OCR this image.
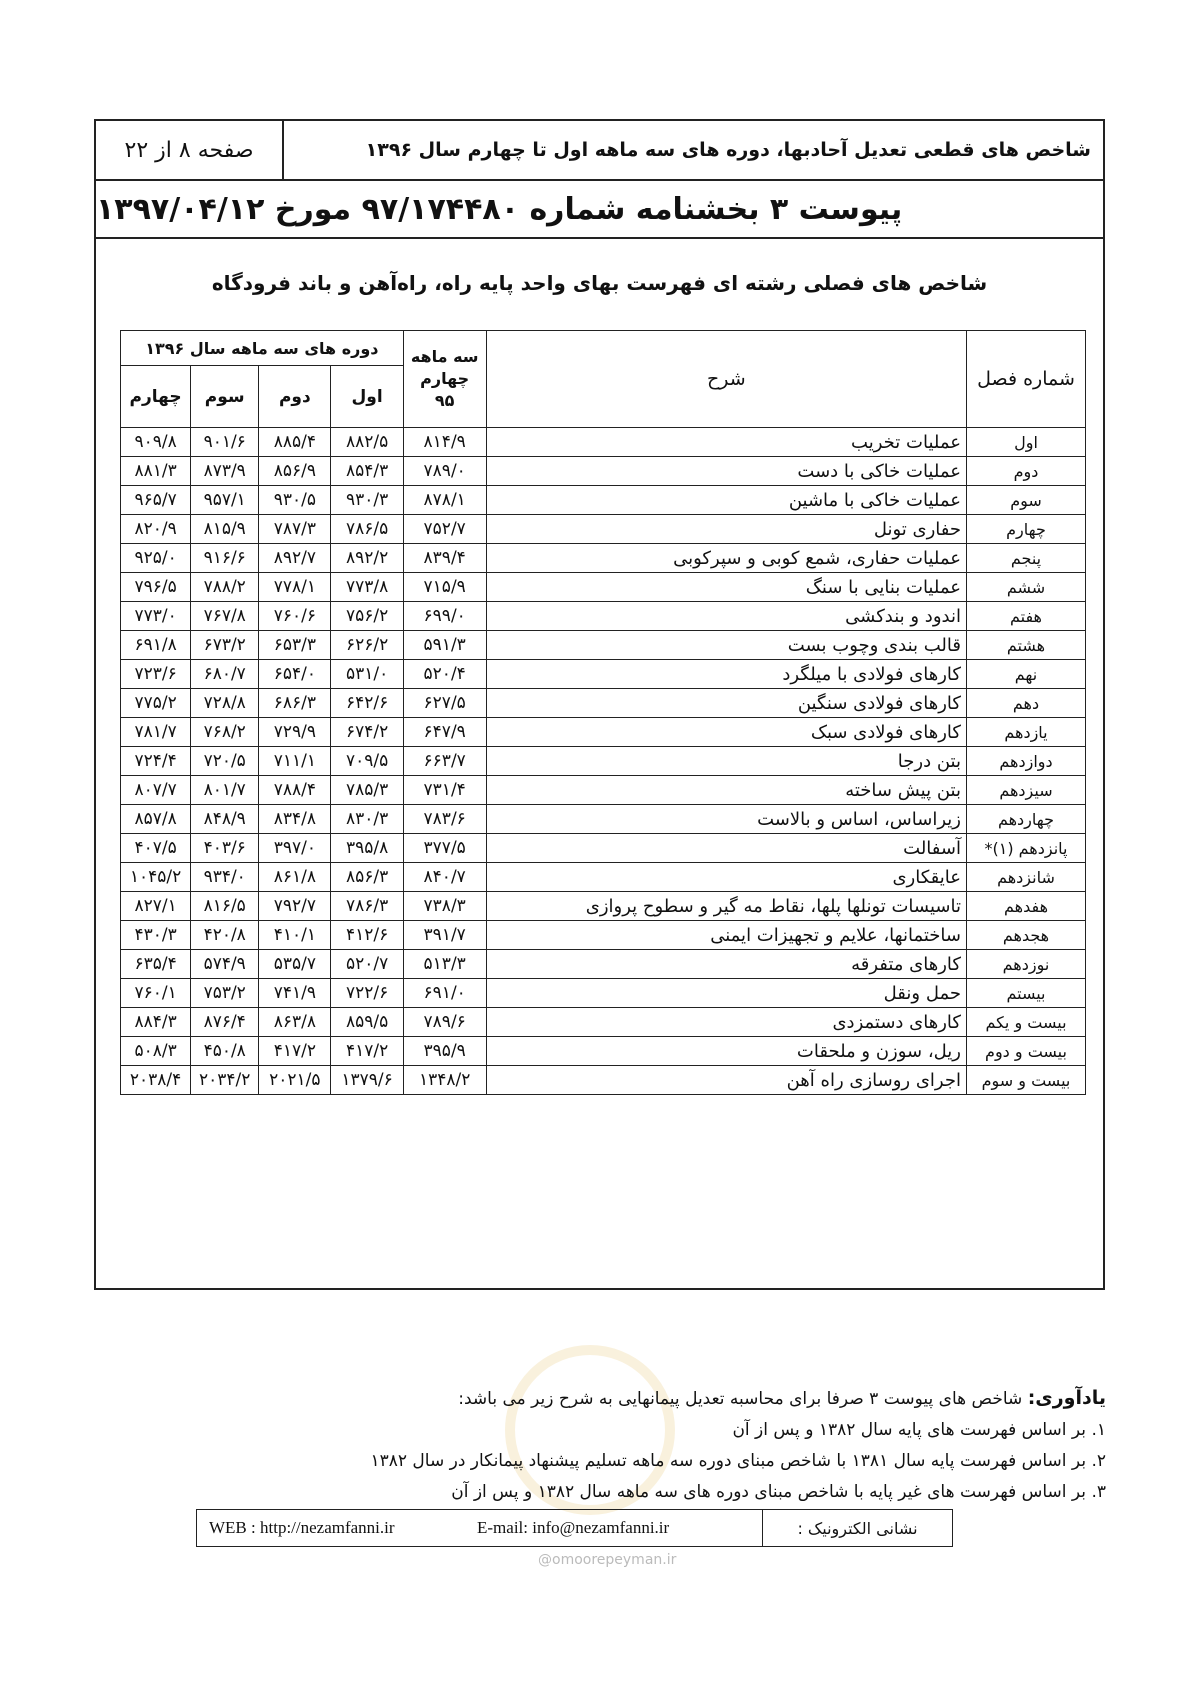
صفحه ۸ از ۲۲	شاخص های قطعی تعدیل آحادبها، دوره های سه ماهه اول تا چهارم سال ۱۳۹۶
پیوست ۳ بخشنامه شماره ۹۷/۱۷۴۴۸۰ مورخ ۱۳۹۷/۰۴/۱۲
شاخص های فصلی رشته ای فهرست بهای واحد پایه راه، راه‌آهن و باند فرودگاه
شماره فصل	شرح	سه ماهه چهارم ۹۵	دوره های سه ماهه سال ۱۳۹۶			
			اول	دوم	سوم	چهارم
اول	عملیات تخریب	۸۱۴/۹	۸۸۲/۵	۸۸۵/۴	۹۰۱/۶	۹۰۹/۸
دوم	عملیات خاکی با دست	۷۸۹/۰	۸۵۴/۳	۸۵۶/۹	۸۷۳/۹	۸۸۱/۳
سوم	عملیات خاکی با ماشین	۸۷۸/۱	۹۳۰/۳	۹۳۰/۵	۹۵۷/۱	۹۶۵/۷
چهارم	حفاری تونل	۷۵۲/۷	۷۸۶/۵	۷۸۷/۳	۸۱۵/۹	۸۲۰/۹
پنجم	عملیات حفاری، شمع کوبی و سپرکوبی	۸۳۹/۴	۸۹۲/۲	۸۹۲/۷	۹۱۶/۶	۹۲۵/۰
ششم	عملیات بنایی با سنگ	۷۱۵/۹	۷۷۳/۸	۷۷۸/۱	۷۸۸/۲	۷۹۶/۵
هفتم	اندود و بندکشی	۶۹۹/۰	۷۵۶/۲	۷۶۰/۶	۷۶۷/۸	۷۷۳/۰
هشتم	قالب بندی وچوب بست	۵۹۱/۳	۶۲۶/۲	۶۵۳/۳	۶۷۳/۲	۶۹۱/۸
نهم	کارهای فولادی با میلگرد	۵۲۰/۴	۵۳۱/۰	۶۵۴/۰	۶۸۰/۷	۷۲۳/۶
دهم	کارهای فولادی سنگین	۶۲۷/۵	۶۴۲/۶	۶۸۶/۳	۷۲۸/۸	۷۷۵/۲
یازدهم	کارهای فولادی سبک	۶۴۷/۹	۶۷۴/۲	۷۲۹/۹	۷۶۸/۲	۷۸۱/۷
دوازدهم	بتن درجا	۶۶۳/۷	۷۰۹/۵	۷۱۱/۱	۷۲۰/۵	۷۲۴/۴
سیزدهم	بتن پیش ساخته	۷۳۱/۴	۷۸۵/۳	۷۸۸/۴	۸۰۱/۷	۸۰۷/۷
چهاردهم	زیراساس، اساس و بالاست	۷۸۳/۶	۸۳۰/۳	۸۳۴/۸	۸۴۸/۹	۸۵۷/۸
پانزدهم (۱)*	آسفالت	۳۷۷/۵	۳۹۵/۸	۳۹۷/۰	۴۰۳/۶	۴۰۷/۵
شانزدهم	عایقکاری	۸۴۰/۷	۸۵۶/۳	۸۶۱/۸	۹۳۴/۰	۱۰۴۵/۲
هفدهم	تاسیسات تونلها پلها، نقاط مه گیر و سطوح پروازی	۷۳۸/۳	۷۸۶/۳	۷۹۲/۷	۸۱۶/۵	۸۲۷/۱
هجدهم	ساختمانها، علایم و تجهیزات ایمنی	۳۹۱/۷	۴۱۲/۶	۴۱۰/۱	۴۲۰/۸	۴۳۰/۳
نوزدهم	کارهای متفرقه	۵۱۳/۳	۵۲۰/۷	۵۳۵/۷	۵۷۴/۹	۶۳۵/۴
بیستم	حمل ونقل	۶۹۱/۰	۷۲۲/۶	۷۴۱/۹	۷۵۳/۲	۷۶۰/۱
بیست و یکم	کارهای دستمزدی	۷۸۹/۶	۸۵۹/۵	۸۶۳/۸	۸۷۶/۴	۸۸۴/۳
بیست و دوم	ریل، سوزن و ملحقات	۳۹۵/۹	۴۱۷/۲	۴۱۷/۲	۴۵۰/۸	۵۰۸/۳
بیست و سوم	اجرای روسازی راه آهن	۱۳۴۸/۲	۱۳۷۹/۶	۲۰۲۱/۵	۲۰۳۴/۲	۲۰۳۸/۴
یادآوری: شاخص های پیوست ۳ صرفا برای محاسبه تعدیل پیمانهایی به شرح زیر می باشد:
۱. بر اساس فهرست های پایه سال ۱۳۸۲ و پس از آن
۲. بر اساس فهرست پایه سال ۱۳۸۱ با شاخص مبنای دوره سه ماهه تسلیم پیشنهاد پیمانکار در سال ۱۳۸۲
۳. بر اساس فهرست های غیر پایه با شاخص مبنای دوره های سه ماهه سال ۱۳۸۲ و پس از آن
نشانی الکترونیک :
WEB : http://nezamfanni.ir	E-mail: info@nezamfanni.ir
@omoorepeyman.ir
